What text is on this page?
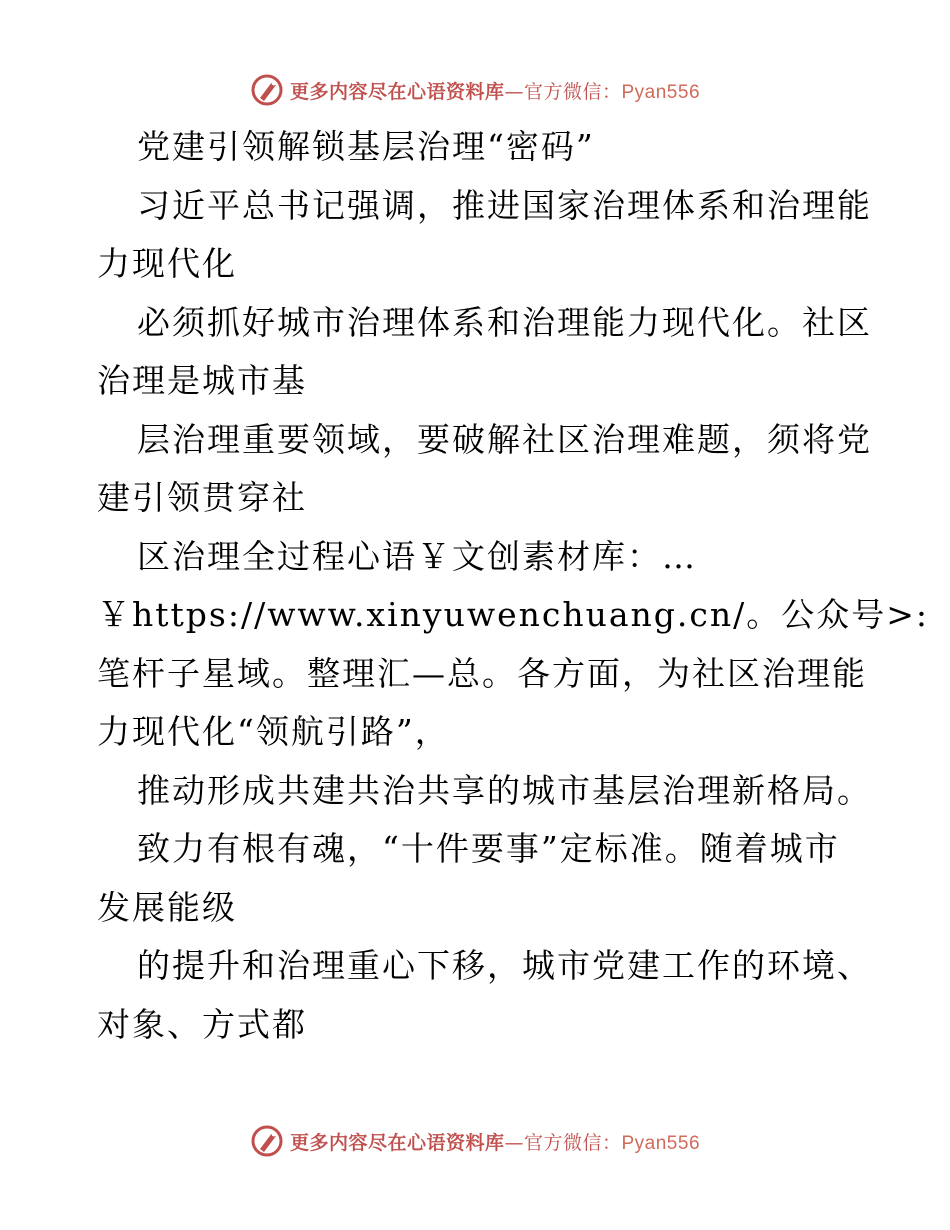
更多内容尽在心语资料库—官方微信：Pyan556
党建引领解锁基层治理“密码”
习近平总书记强调，推进国家治理体系和治理能
力现代化
必须抓好城市治理体系和治理能力现代化。社区
治理是城市基
层治理重要领域，要破解社区治理难题，须将党
建引领贯穿社
区治理全过程心语￥文创素材库：…
￥https://www.xinyuwenchuang.cn/。公众号>:
笔杆子星域。整理汇—总。各方面，为社区治理能
力现代化“领航引路”，
推动形成共建共治共享的城市基层治理新格局。
致力有根有魂，“十件要事”定标准。随着城市
发展能级
的提升和治理重心下移，城市党建工作的环境、
对象、方式都
更多内容尽在心语资料库—官方微信：Pyan556
